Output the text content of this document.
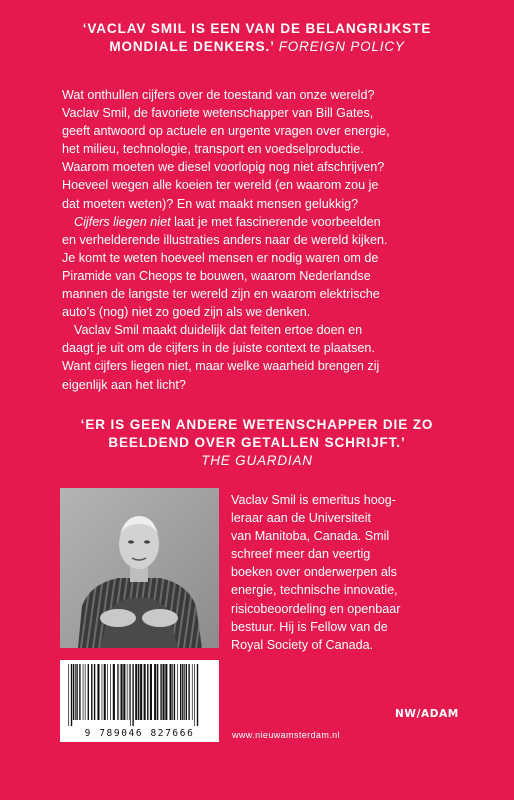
‘VACLAV SMIL IS EEN VAN DE BELANGRIJKSTE
MONDIALE DENKERS.’ FOREIGN POLICY

Wat onthullen cijfers over de toestand van onze wereld?

Vaclav Smil, de favoriete wetenschapper van Bill Gates,

geeft antwoord op actuele en urgente vragen over energie,

het milieu, technologie, transport en voedselproductie.

Waarom moeten we diesel voorlopig nog niet afschrijven?

Hoeveel wegen alle koeien ter wereld (en waarom zou je

dat moeten weten)? En wat maakt mensen gelukkig?

Cijfers liegen niet laat je met fascinerende voorbeelden

en verhelderende illustraties anders naar de wereld kijken.

Je komt te weten hoeveel mensen er nodig waren om de

Piramide van Cheops te bouwen, waarom Nederlandse

mannen de langste ter wereld zijn en waarom elektrische

auto’s (nog) niet zo goed zijn als we denken.

Vaclav Smil maakt duidelijk dat feiten ertoe doen en

daagt je uit om de cijfers in de juiste context te plaatsen.

Want cijfers liegen niet, maar welke waarheid brengen zij

eigenlijk aan het licht?

‘ER IS GEEN ANDERE WETENSCHAPPER DIE ZO
BEELDEND OVER GETALLEN SCHRIJFT.’
THE GUARDIAN

Vaclav Smil is emeritus hoog-

leraar aan de Universiteit

van Manitoba, Canada. Smil

schreef meer dan veertig

boeken over onderwerpen als

energie, technische innovatie,

risicobeoordeling en openbaar

bestuur. Hij is Fellow van de

Royal Society of Canada.

9 789046 827666
NW/ADAM
www.nieuwamsterdam.nl
